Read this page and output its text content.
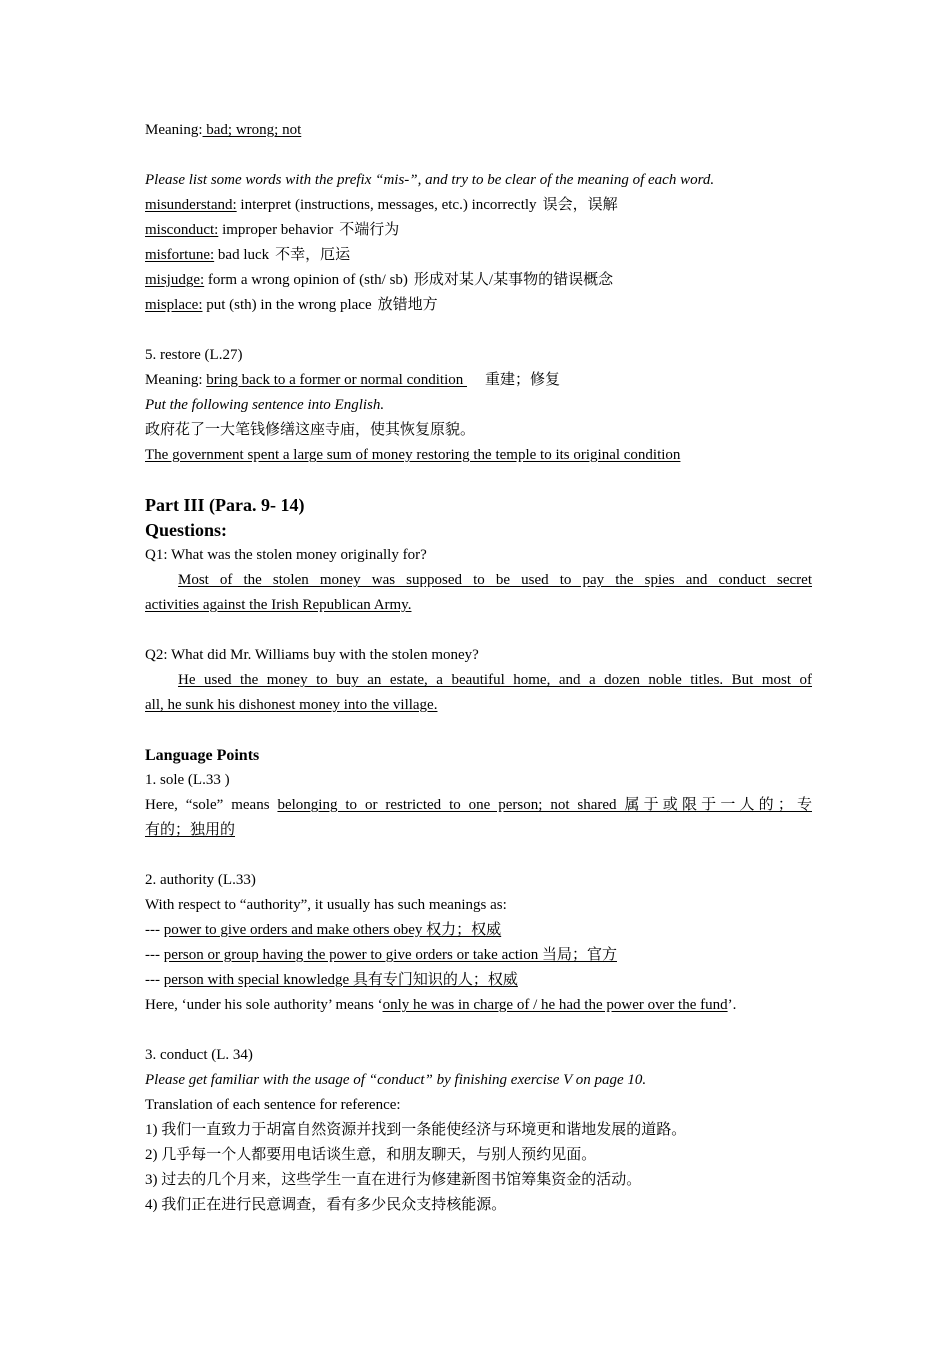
Meaning: bad; wrong; not
Please list some words with the prefix “mis-”, and try to be clear of the meaning of each word.
misunderstand: interpret (instructions, messages, etc.) incorrectly 误会，误解
misconduct: improper behavior 不端行为
misfortune: bad luck 不幸，厄运
misjudge: form a wrong opinion of (sth/ sb) 形成对某人/某事物的错误概念
misplace: put (sth) in the wrong place 放错地方
5. restore (L.27)
Meaning: bring back to a former or normal condition 重建；修复
Put the following sentence into English.
政府花了一大笔钱修缮这座寺庙，使其恢复原貌。
The government spent a large sum of money restoring the temple to its original condition
Part III (Para. 9- 14)
Questions:
Q1: What was the stolen money originally for?
Most of the stolen money was supposed to be used to pay the spies and conduct secret
activities against the Irish Republican Army.
Q2: What did Mr. Williams buy with the stolen money?
He used the money to buy an estate, a beautiful home, and a dozen noble titles. But most of
all, he sunk his dishonest money into the village.
Language Points
1. sole (L.33 )
Here, “sole” means belonging to or restricted to one person; not shared 属于或限于一人的；专
有的；独用的
2. authority (L.33)
With respect to “authority”, it usually has such meanings as:
--- power to give orders and make others obey 权力；权威
--- person or group having the power to give orders or take action 当局；官方
--- person with special knowledge 具有专门知识的人；权威
Here, ‘under his sole authority’ means ‘only he was in charge of / he had the power over the fund’.
3. conduct (L. 34)
Please get familiar with the usage of “conduct” by finishing exercise V on page 10.
Translation of each sentence for reference:
1) 我们一直致力于胡富自然资源并找到一条能使经济与环境更和谐地发展的道路。
2) 几乎每一个人都要用电话谈生意，和朋友聊天，与别人预约见面。
3) 过去的几个月来，这些学生一直在进行为修建新图书馆筹集资金的活动。
4) 我们正在进行民意调查，看有多少民众支持核能源。
